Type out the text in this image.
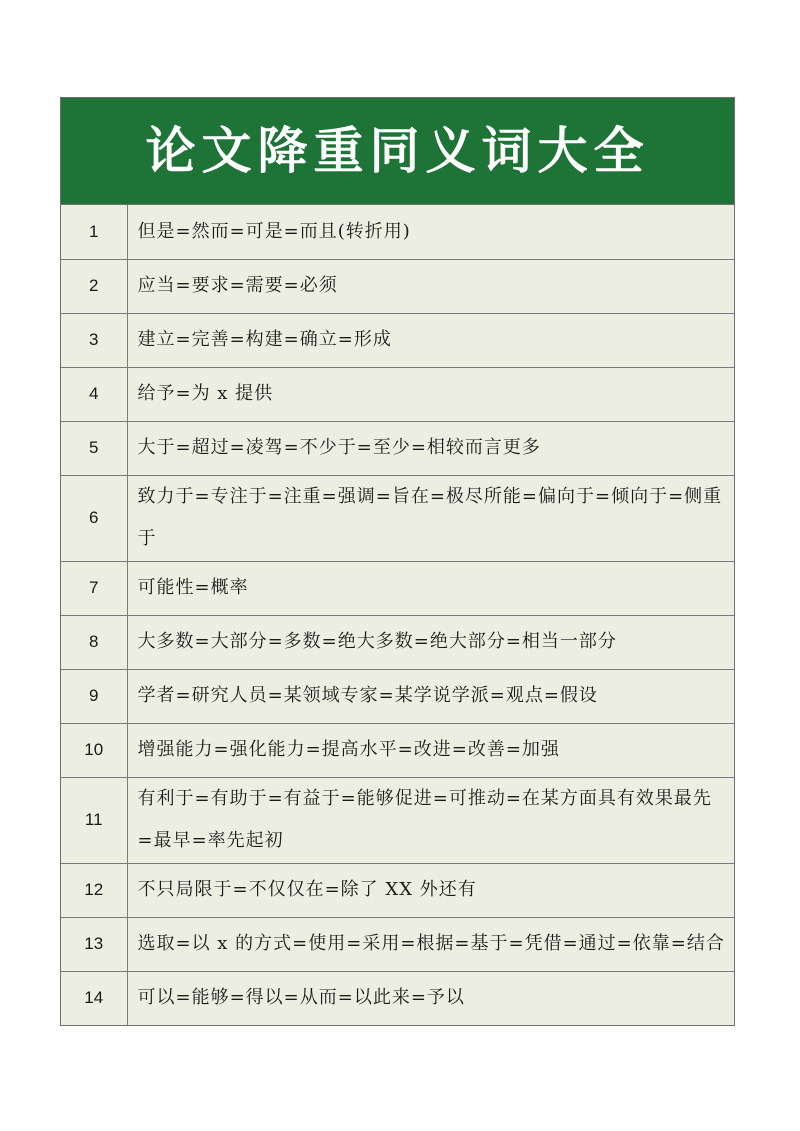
论文降重同义词大全
1	但是=然而=可是=而且(转折用)
2	应当=要求=需要=必须
3	建立=完善=构建=确立=形成
4	给予=为 x 提供
5	大于=超过=凌驾=不少于=至少=相较而言更多
6	致力于=专注于=注重=强调=旨在=极尽所能=偏向于=倾向于=侧重于
7	可能性=概率
8	大多数=大部分=多数=绝大多数=绝大部分=相当一部分
9	学者=研究人员=某领域专家=某学说学派=观点=假设
10	增强能力=强化能力=提高水平=改进=改善=加强
11	有利于=有助于=有益于=能够促进=可推动=在某方面具有效果最先=最早=率先起初
12	不只局限于=不仅仅在=除了 XX 外还有
13	选取=以 x 的方式=使用=采用=根据=基于=凭借=通过=依靠=结合
14	可以=能够=得以=从而=以此来=予以
